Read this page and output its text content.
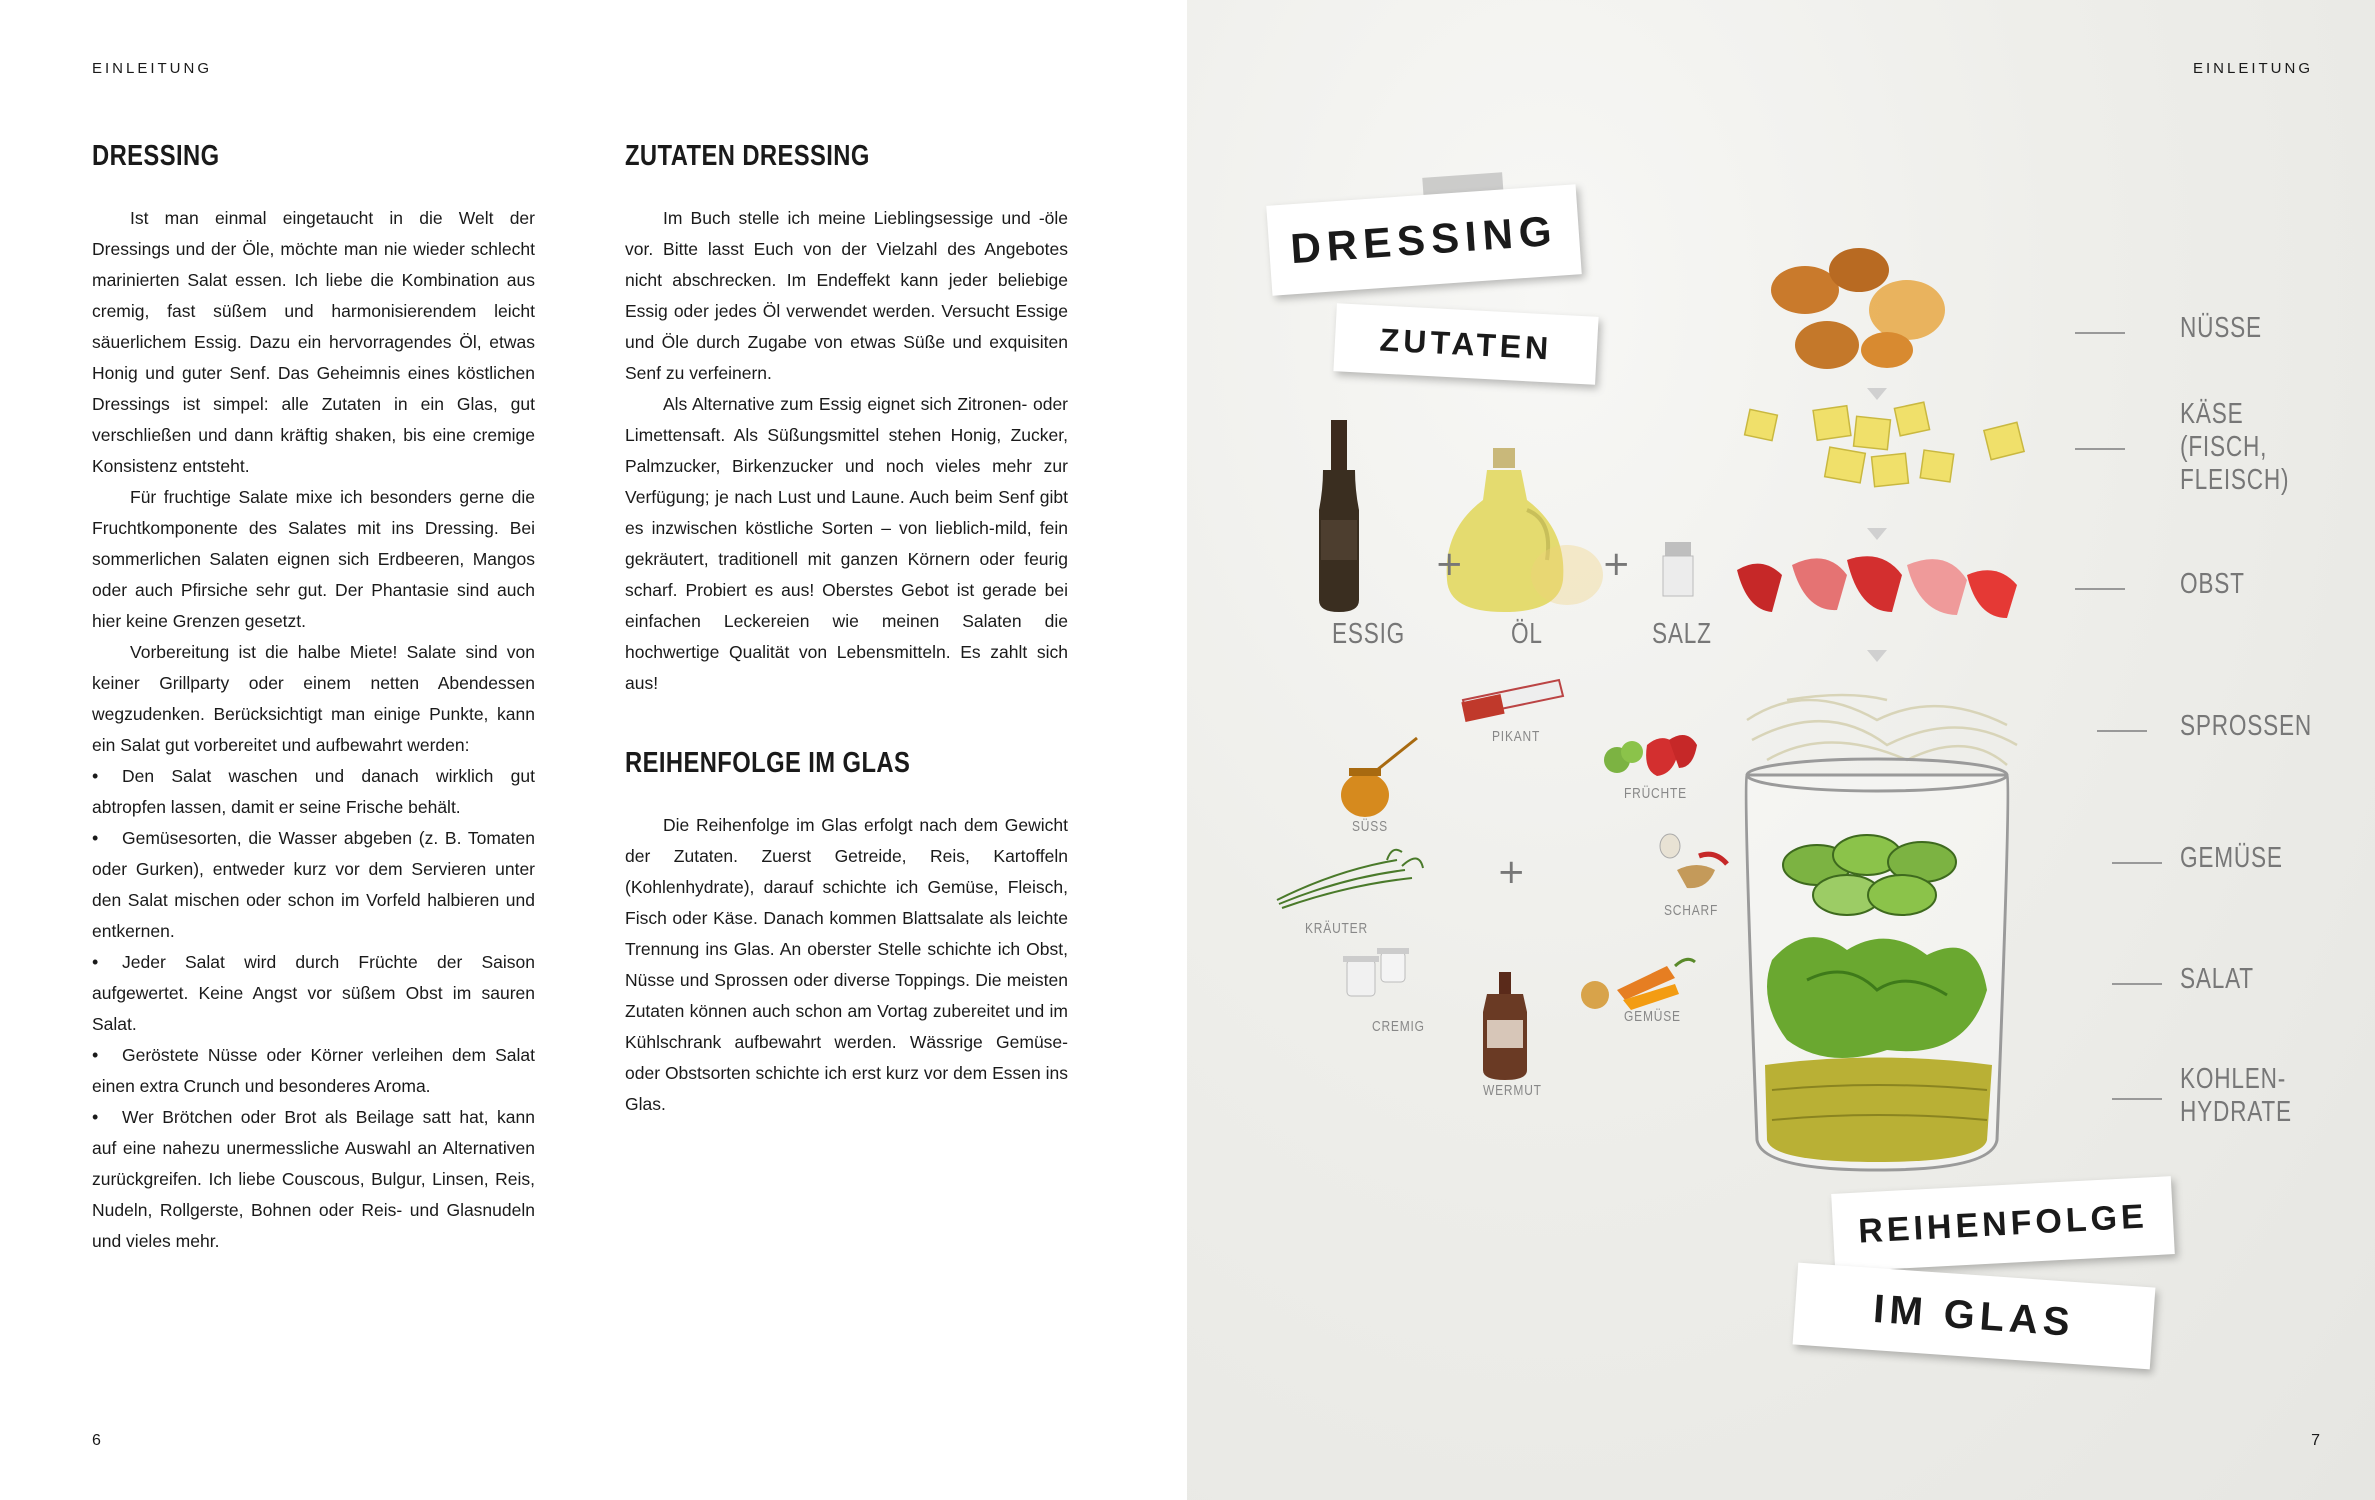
EINLEITUNG
DRESSING

Ist man einmal eingetaucht in die Welt der Dressings und der Öle, möchte man nie wieder schlecht marinierten Salat essen. Ich liebe die Kombination aus cremig, fast süßem und harmonisierendem leicht säuerlichem Essig. Dazu ein hervorragendes Öl, etwas Honig und guter Senf. Das Geheimnis eines köstlichen Dressings ist simpel: alle Zutaten in ein Glas, gut verschließen und dann kräftig shaken, bis eine cremige Konsistenz entsteht.

Für fruchtige Salate mixe ich besonders gerne die Fruchtkomponente des Salates mit ins Dressing. Bei sommerlichen Salaten eignen sich Erdbeeren, Mangos oder auch Pfirsiche sehr gut. Der Phantasie sind auch hier keine Grenzen gesetzt.

Vorbereitung ist die halbe Miete! Salate sind von keiner Grillparty oder einem netten Abendessen wegzudenken. Berücksichtigt man einige Punkte, kann ein Salat gut vorbereitet und aufbewahrt werden:

• Den Salat waschen und danach wirklich gut abtropfen lassen, damit er seine Frische behält.
• Gemüsesorten, die Wasser abgeben (z. B. Tomaten oder Gurken), entweder kurz vor dem Servieren unter den Salat mischen oder schon im Vorfeld halbieren und entkernen.
• Jeder Salat wird durch Früchte der Saison aufgewertet. Keine Angst vor süßem Obst im sauren Salat.
• Geröstete Nüsse oder Körner verleihen dem Salat einen extra Crunch und besonderes Aroma.
• Wer Brötchen oder Brot als Beilage satt hat, kann auf eine nahezu unermessliche Auswahl an Alternativen zurückgreifen. Ich liebe Couscous, Bulgur, Linsen, Reis, Nudeln, Rollgerste, Bohnen oder Reis- und Glasnudeln und vieles mehr.
ZUTATEN DRESSING

Im Buch stelle ich meine Lieblingsessige und -öle vor. Bitte lasst Euch von der Vielzahl des Angebotes nicht abschrecken. Im Endeffekt kann jeder beliebige Essig oder jedes Öl verwendet werden. Versucht Essige und Öle durch Zugabe von etwas Süße und exquisiten Senf zu verfeinern.

Als Alternative zum Essig eignet sich Zitronen- oder Limettensaft. Als Süßungsmittel stehen Honig, Zucker, Palmzucker, Birkenzucker und noch vieles mehr zur Verfügung; je nach Lust und Laune. Auch beim Senf gibt es inzwischen köstliche Sorten – von lieblich-mild, fein gekräutert, traditionell mit ganzen Körnern oder feurig scharf. Probiert es aus! Oberstes Gebot ist gerade bei einfachen Leckereien wie meinen Salaten die hochwertige Qualität von Lebensmitteln. Es zahlt sich aus!

REIHENFOLGE IM GLAS

Die Reihenfolge im Glas erfolgt nach dem Gewicht der Zutaten. Zuerst Getreide, Reis, Kartoffeln (Kohlenhydrate), darauf schichte ich Gemüse, Fleisch, Fisch oder Käse. Danach kommen Blattsalate als leichte Trennung ins Glas. An oberster Stelle schichte ich Obst, Nüsse und Sprossen oder diverse Toppings. Die meisten Zutaten können auch schon am Vortag zubereitet und im Kühlschrank aufbewahrt werden. Wässrige Gemüse- oder Obstsorten schichte ich erst kurz vor dem Essen ins Glas.

6
EINLEITUNG
+	+
+
DRESSING
ZUTATEN
REIHENFOLGE
IM GLAS
ESSIG	ÖL	SALZ
PIKANT
SÜSS
FRÜCHTE
KRÄUTER
SCHARF
CREMIG
GEMÜSE
WERMUT
NÜSSE
KÄSE
(FISCH,
FLEISCH)
OBST
SPROSSEN
GEMÜSE
SALAT
KOHLEN-
HYDRATE
7
